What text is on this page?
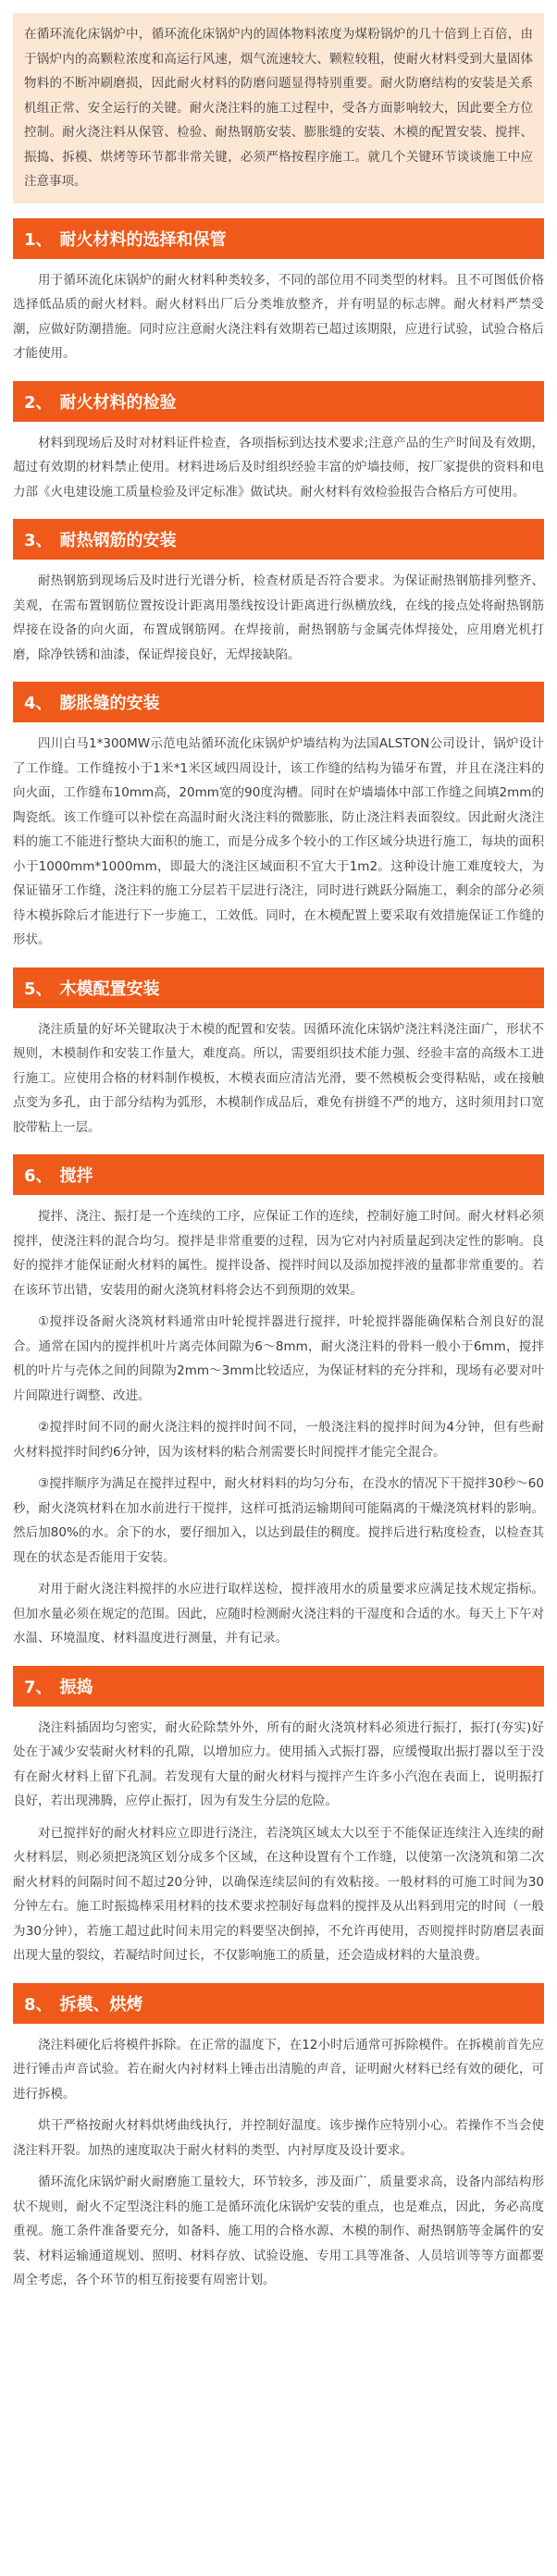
在循环流化床锅炉中，循环流化床锅炉内的固体物料浓度为煤粉锅炉的几十倍到上百倍，由于锅炉内的高颗粒浓度和高运行风速，烟气流速较大、颗粒较粗，使耐火材料受到大量固体物料的不断冲刷磨损，因此耐火材料的防磨问题显得特别重要。耐火防磨结构的安装是关系机组正常、安全运行的关键。耐火浇注料的施工过程中，受各方面影响较大，因此要全方位控制。耐火浇注料从保管、检验、耐热钢筋安装、膨胀缝的安装、木模的配置安装、搅拌、振捣、拆模、烘烤等环节都非常关键，必须严格按程序施工。就几个关键环节谈谈施工中应注意事项。
1、 耐火材料的选择和保管

用于循环流化床锅炉的耐火材料种类较多，不同的部位用不同类型的材料。且不可图低价格选择低品质的耐火材料。耐火材料出厂后分类堆放整齐，并有明显的标志牌。耐火材料严禁受潮，应做好防潮措施。同时应注意耐火浇注料有效期若已超过该期限，应进行试验，试验合格后才能使用。

2、 耐火材料的检验

材料到现场后及时对材料证件检查，各项指标到达技术要求;注意产品的生产时间及有效期，超过有效期的材料禁止使用。材料进场后及时组织经验丰富的炉墙技师，按厂家提供的资料和电力部《火电建设施工质量检验及评定标准》做试块。耐火材料有效检验报告合格后方可使用。

3、 耐热钢筋的安装

耐热钢筋到现场后及时进行光谱分析，检查材质是否符合要求。为保证耐热钢筋排列整齐、美观，在需布置钢筋位置按设计距离用墨线按设计距离进行纵横放线，在线的接点处将耐热钢筋焊接在设备的向火面，布置成钢筋网。在焊接前，耐热钢筋与金属壳体焊接处，应用磨光机打磨，除净铁锈和油漆，保证焊接良好，无焊接缺陷。

4、 膨胀缝的安装

四川白马1*300MW示范电站循环流化床锅炉炉墙结构为法国ALSTON公司设计，锅炉设计了工作缝。工作缝按小于1米*1米区域四周设计，该工作缝的结构为锚牙布置，并且在浇注料的向火面，工作缝布10mm高，20mm宽的90度沟槽。同时在炉墙墙体中部工作缝之间填2mm的陶瓷纸。该工作缝可以补偿在高温时耐火浇注料的微膨胀，防止浇注料表面裂纹。因此耐火浇注料的施工不能进行整块大面积的施工，而是分成多个较小的工作区域分块进行施工，每块的面积小于1000mm*1000mm，即最大的浇注区域面积不宜大于1m2。这种设计施工难度较大，为保证锚牙工作缝，浇注料的施工分层若干层进行浇注，同时进行跳跃分隔施工，剩余的部分必须待木模拆除后才能进行下一步施工，工效低。同时，在木模配置上要采取有效措施保证工作缝的形状。

5、 木模配置安装

浇注质量的好坏关键取决于木模的配置和安装。因循环流化床锅炉浇注料浇注面广，形状不规则，木模制作和安装工作量大，难度高。所以，需要组织技术能力强、经验丰富的高级木工进行施工。应使用合格的材料制作模板，木模表面应清洁光滑，要不然模板会变得粘贴，或在接触点变为多孔，由于部分结构为弧形，木模制作成品后，难免有拼缝不严的地方，这时须用封口宽胶带粘上一层。

6、 搅拌

搅拌、浇注、振打是一个连续的工序，应保证工作的连续，控制好施工时间。耐火材料必须搅拌，使浇注料的混合均匀。搅拌是非常重要的过程，因为它对内衬质量起到决定性的影响。良好的搅拌才能保证耐火材料的属性。搅拌设备、搅拌时间以及添加搅拌液的量都非常重要的。若在该环节出错，安装用的耐火浇筑材料将会达不到预期的效果。

①搅拌设备耐火浇筑材料通常由叶轮搅拌器进行搅拌，叶轮搅拌器能确保粘合剂良好的混合。通常在国内的搅拌机叶片离壳体间隙为6～8mm，耐火浇注料的骨料一般小于6mm，搅拌机的叶片与壳体之间的间隙为2mm～3mm比较适应，为保证材料的充分拌和，现场有必要对叶片间隙进行调整、改进。

②搅拌时间不同的耐火浇注料的搅拌时间不同，一般浇注料的搅拌时间为4分钟，但有些耐火材料搅拌时间约6分钟，因为该材料的粘合剂需要长时间搅拌才能完全混合。

③搅拌顺序为满足在搅拌过程中，耐火材料料的均匀分布，在没水的情况下干搅拌30秒～60秒，耐火浇筑材料在加水前进行干搅拌，这样可抵消运输期间可能隔离的干燥浇筑材料的影响。然后加80%的水。余下的水，要仔细加入，以达到最佳的稠度。搅拌后进行粘度检查，以检查其现在的状态是否能用于安装。

对用于耐火浇注料搅拌的水应进行取样送检，搅拌液用水的质量要求应满足技术规定指标。但加水量必须在规定的范围。因此，应随时检测耐火浇注料的干湿度和合适的水。每天上下午对水温、环境温度、材料温度进行测量，并有记录。

7、 振捣

浇注料插固均匀密实，耐火砼除禁外外，所有的耐火浇筑材料必须进行振打，振打(夯实)好处在于减少安装耐火材料的孔隙，以增加应力。使用插入式振打器，应缓慢取出振打器以至于没有在耐火材料上留下孔洞。若发现有大量的耐火材料与搅拌产生许多小汽泡在表面上，说明振打良好，若出现沸腾，应停止振打，因为有发生分层的危险。

对已搅拌好的耐火材料应立即进行浇注，若浇筑区域太大以至于不能保证连续注入连续的耐火材料层，则必须把浇筑区划分成多个区域，在这种设置有个工作缝，以使第一次浇筑和第二次耐火材料的间隔时间不超过20分钟，以确保连续层间的有效粘接。一般材料的可施工时间为30分钟左右。施工时振捣棒采用材料的技术要求控制好每盘料的搅拌及从出料到用完的时间（一般为30分钟），若施工超过此时间未用完的料要坚决倒掉，不允许再使用，否则搅拌时防磨层表面出现大量的裂纹，若凝结时间过长，不仅影响施工的质量，还会造成材料的大量浪费。

8、 拆模、烘烤

浇注料硬化后将模件拆除。在正常的温度下，在12小时后通常可拆除模件。在拆模前首先应进行锤击声音试验。若在耐火内衬材料上锤击出清脆的声音，证明耐火材料已经有效的硬化，可进行拆模。

烘干严格按耐火材料烘烤曲线执行，并控制好温度。该步操作应特别小心。若操作不当会使浇注料开裂。加热的速度取决于耐火材料的类型、内衬厚度及设计要求。

循环流化床锅炉耐火耐磨施工量较大，环节较多，涉及面广，质量要求高，设备内部结构形状不规则，耐火不定型浇注料的施工是循环流化床锅炉安装的重点，也是难点，因此，务必高度重视。施工条件准备要充分，如备料、施工用的合格水源、木模的制作、耐热钢筋等金属件的安装、材料运输通道规划、照明、材料存放、试验设施、专用工具等准备、人员培训等等方面都要周全考虑，各个环节的相互衔接要有周密计划。
